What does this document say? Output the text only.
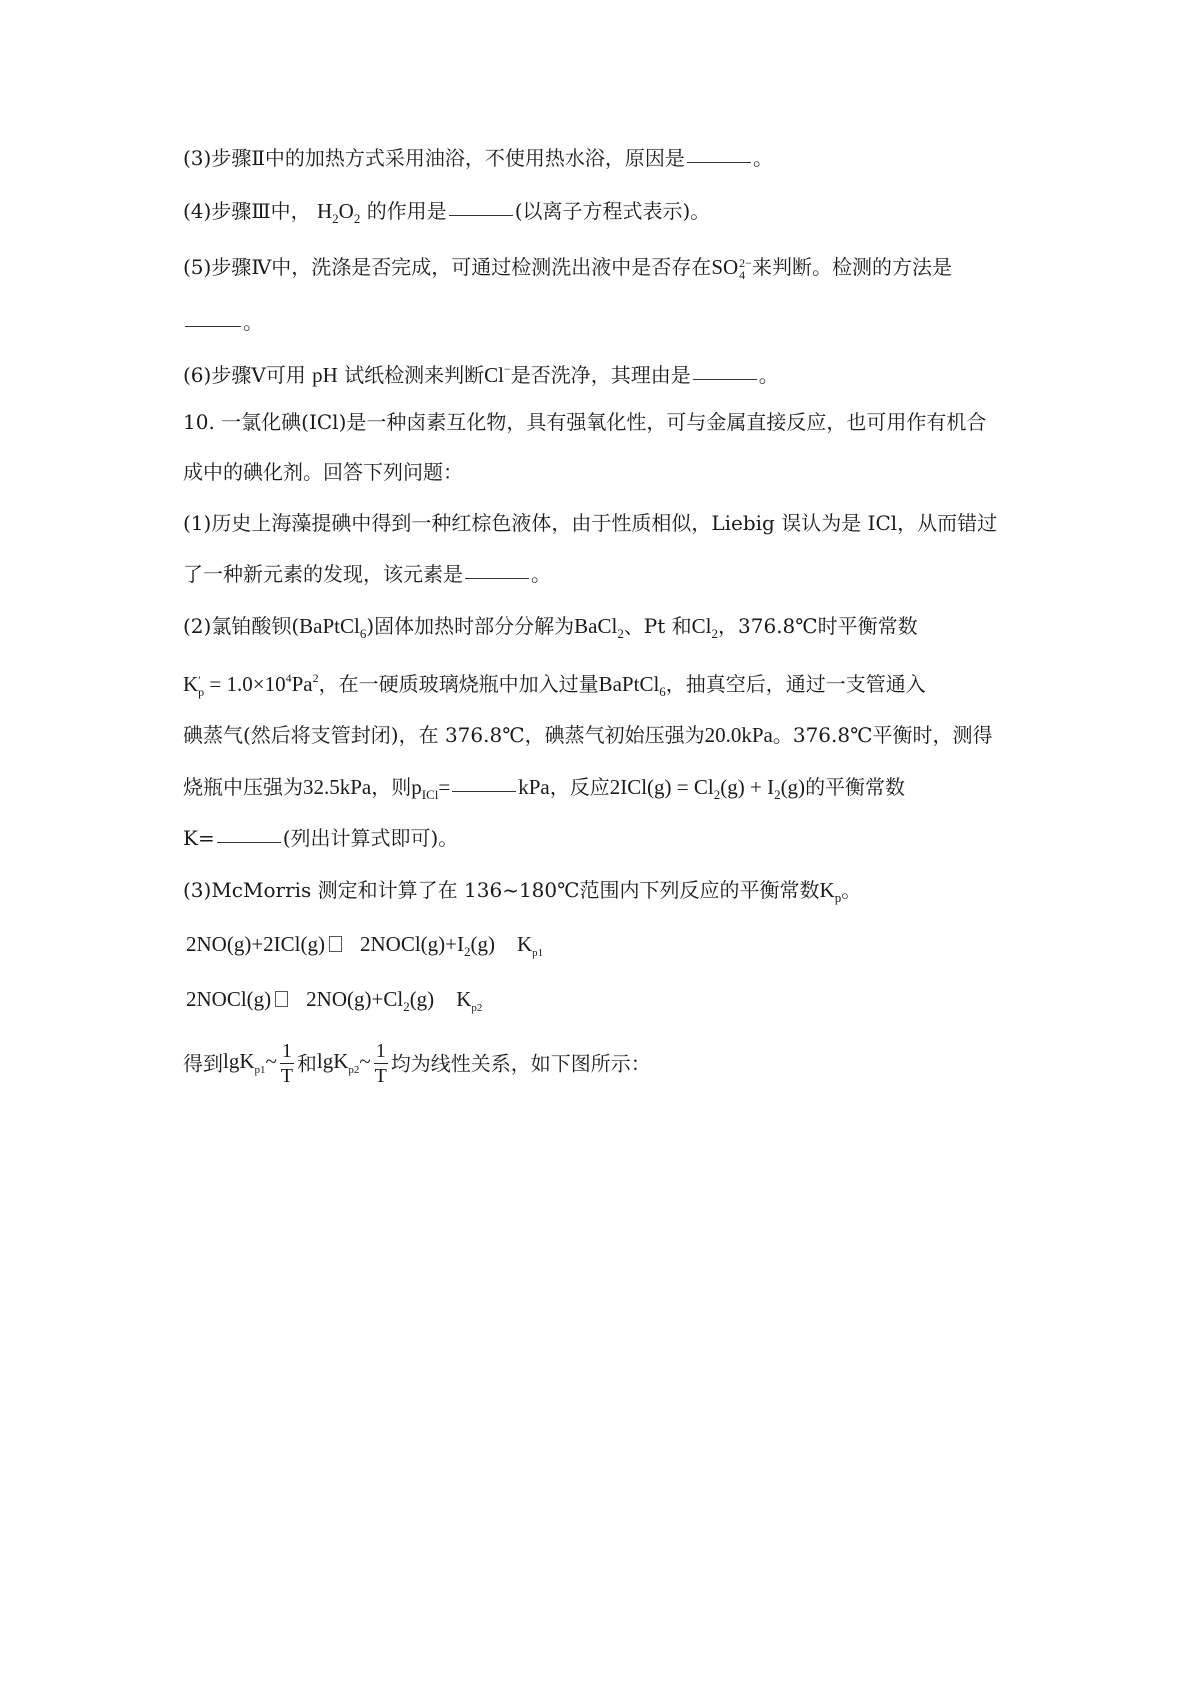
(3)步骤Ⅱ中的加热方式采用油浴，不使用热水浴，原因是	。
(4)步骤Ⅲ中， $H_2O_2$ 的作用是	(以离子方程式表示)。
(5)步骤Ⅳ中，洗涤是否完成，可通过检测洗出液中是否存在SO 2−
4 来判断。检测的方法是
。
(6)步骤Ⅴ可用 pH 试纸检测来判断Cl−是否洗净，其理由是	。
10. 一氯化碘(ICl)是一种卤素互化物，具有强氧化性，可与金属直接反应，也可用作有机合
成中的碘化剂。回答下列问题：
(1)历史上海藻提碘中得到一种红棕色液体，由于性质相似，Liebig 误认为是 ICl，从而错过
了一种新元素的发现，该元素是	。
(2)氯铂酸钡(BaPtCl$_6$)固体加热时部分分解为BaCl$_2$、Pt 和$Cl_2$，376.8℃时平衡常数
K ′
$p = 1.0\times 10^4Pa^2$，在一硬质玻璃烧瓶中加入过量BaPtCl$_6$，抽真空后，通过一支管通入
碘蒸气(然后将支管封闭)，在 376.8℃，碘蒸气初始压强为20.0kPa。376.8℃平衡时，测得
烧瓶中压强为32.5kPa，则$p_{ICl}=$	kPa，反应$2ICl(g) = Cl_2(g) + I_2(g)$的平衡常数
K=	(列出计算式即可)。
(3)McMorris 测定和计算了在 136~180℃范围内下列反应的平衡常数$K_p$。
2NO(g)+2ICl(g) $2NOCl(g)+I_2(g)$ $K_{p1}$
2NOCl(g) $2NO(g)+Cl_2(g)$ $K_{p2}$
得到lgK$_{p1}$~ $\frac{1}{T}$ 和lgK$_{p2}$~ $\frac{1}{T}$ 均为线性关系，如下图所示：
